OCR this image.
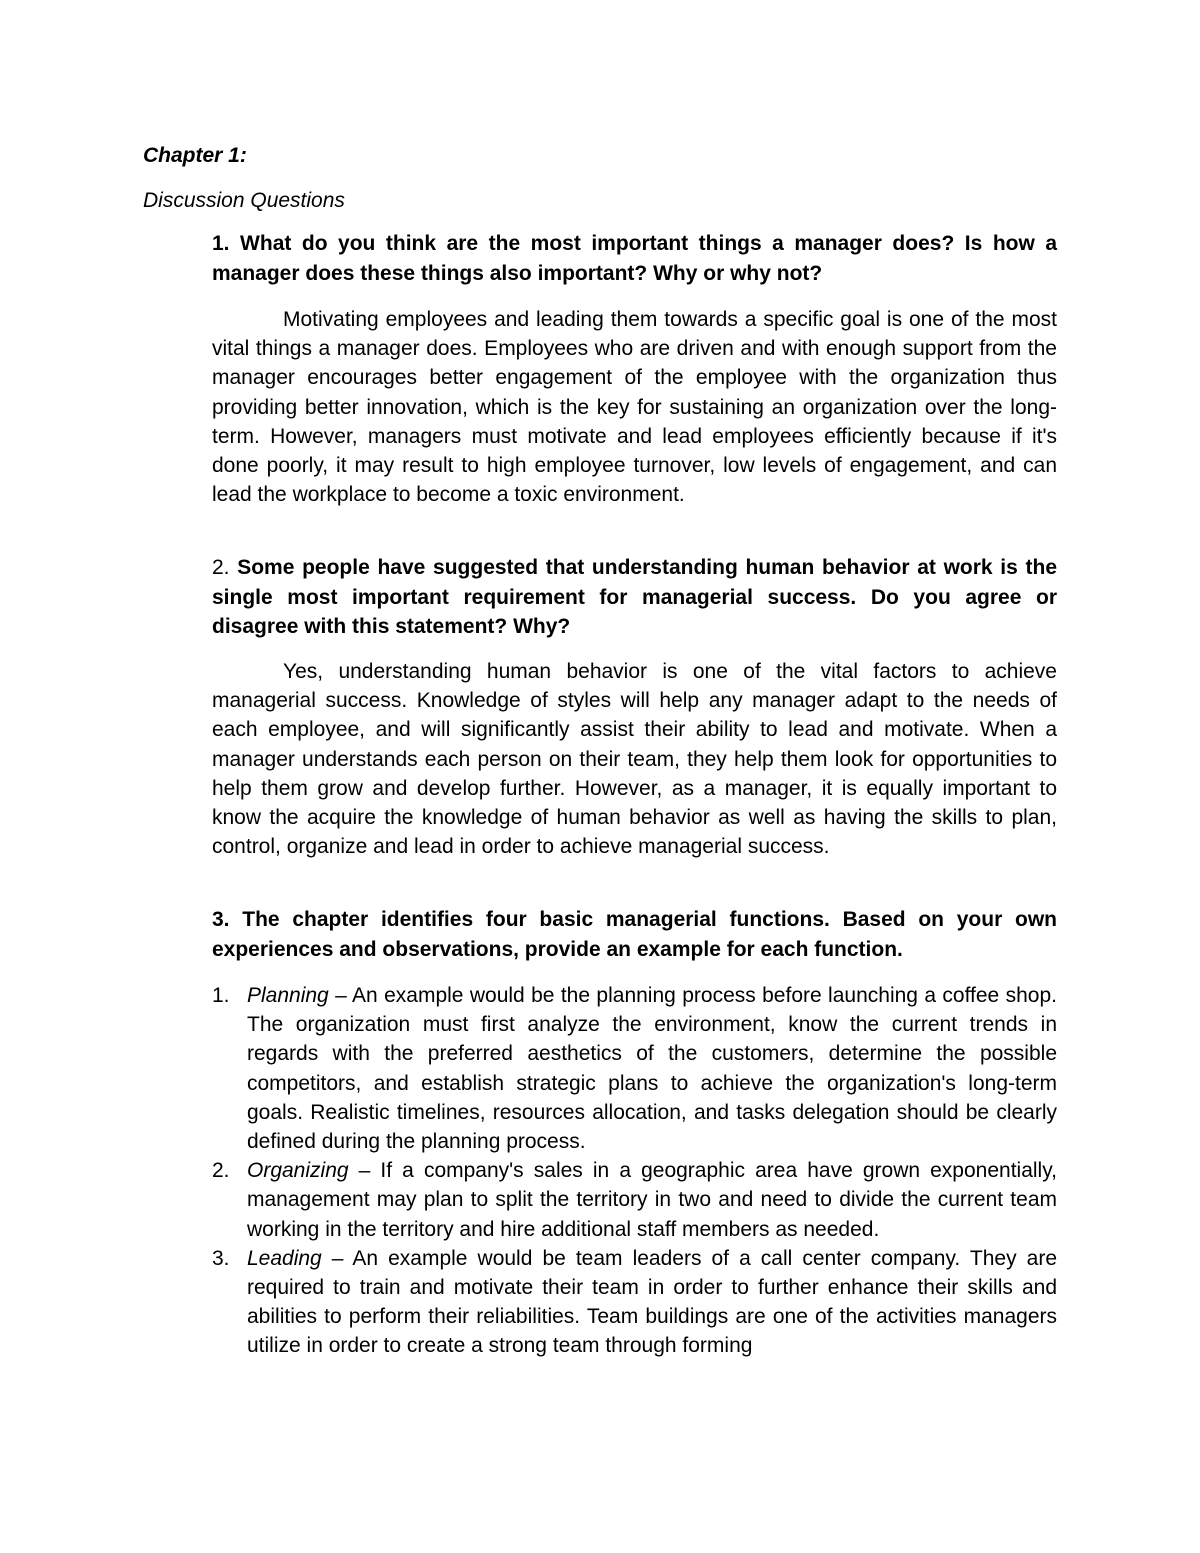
Chapter 1:

Discussion Questions

1. What do you think are the most important things a manager does? Is how a manager does these things also important? Why or why not?

Motivating employees and leading them towards a specific goal is one of the most vital things a manager does. Employees who are driven and with enough support from the manager encourages better engagement of the employee with the organization thus providing better innovation, which is the key for sustaining an organization over the long-term. However, managers must motivate and lead employees efficiently because if it's done poorly, it may result to high employee turnover, low levels of engagement, and can lead the workplace to become a toxic environment.

2. Some people have suggested that understanding human behavior at work is the single most important requirement for managerial success. Do you agree or disagree with this statement? Why?

Yes, understanding human behavior is one of the vital factors to achieve managerial success. Knowledge of styles will help any manager adapt to the needs of each employee, and will significantly assist their ability to lead and motivate. When a manager understands each person on their team, they help them look for opportunities to help them grow and develop further. However, as a manager, it is equally important to know the acquire the knowledge of human behavior as well as having the skills to plan, control, organize and lead in order to achieve managerial success.

3. The chapter identifies four basic managerial functions. Based on your own experiences and observations, provide an example for each function.

1. Planning – An example would be the planning process before launching a coffee shop. The organization must first analyze the environment, know the current trends in regards with the preferred aesthetics of the customers, determine the possible competitors, and establish strategic plans to achieve the organization's long-term goals. Realistic timelines, resources allocation, and tasks delegation should be clearly defined during the planning process.
2. Organizing – If a company's sales in a geographic area have grown exponentially, management may plan to split the territory in two and need to divide the current team working in the territory and hire additional staff members as needed.
3. Leading – An example would be team leaders of a call center company. They are required to train and motivate their team in order to further enhance their skills and abilities to perform their reliabilities. Team buildings are one of the activities managers utilize in order to create a strong team through forming
